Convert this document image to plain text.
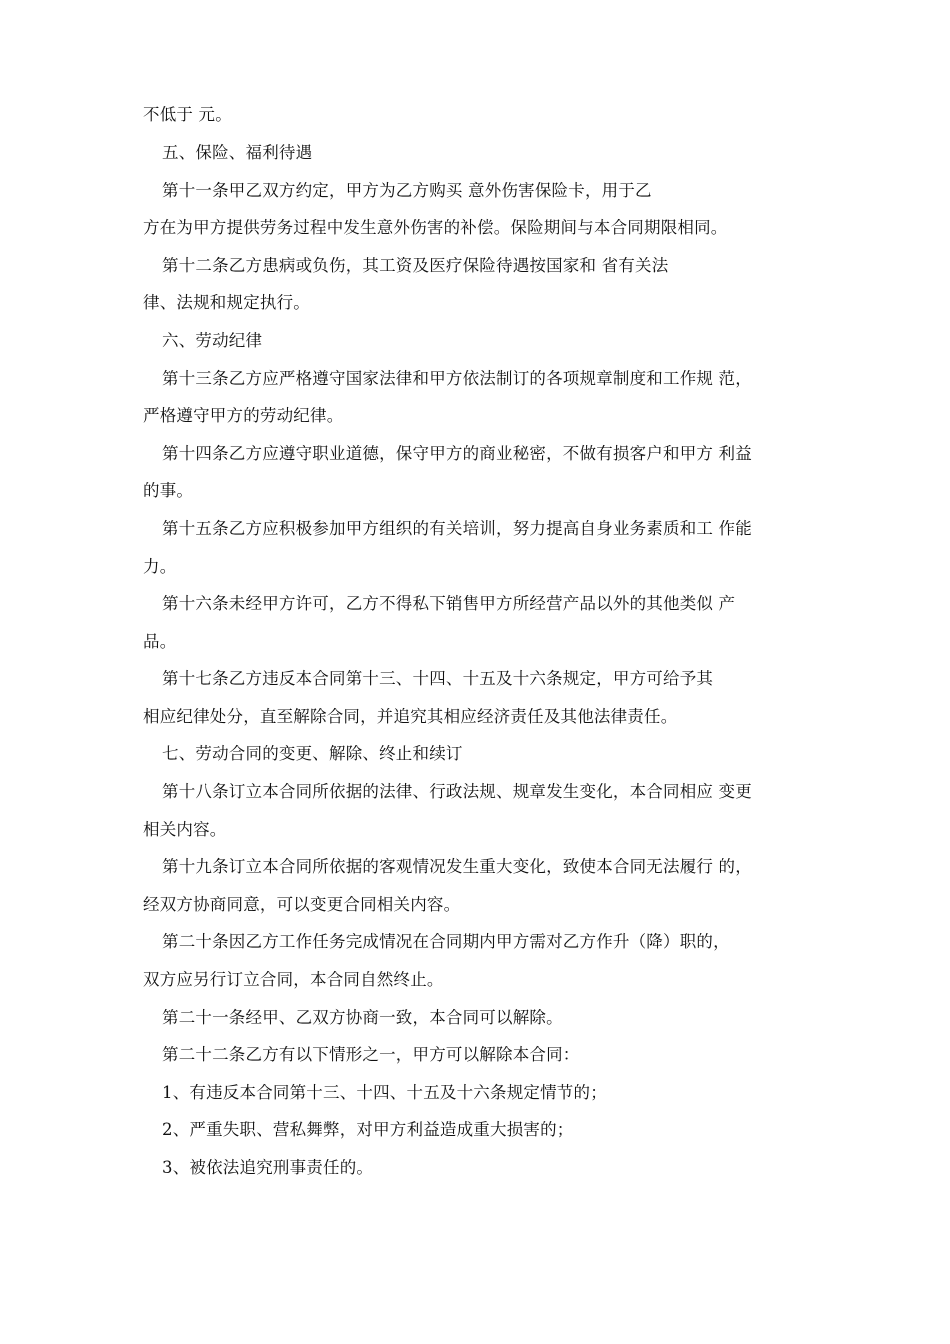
不低于 元。
五、保险、福利待遇
第十一条甲乙双方约定，甲方为乙方购买 意外伤害保险卡，用于乙
方在为甲方提供劳务过程中发生意外伤害的补偿。保险期间与本合同期限相同。
第十二条乙方患病或负伤，其工资及医疗保险待遇按国家和 省有关法
律、法规和规定执行。
六、劳动纪律
第十三条乙方应严格遵守国家法律和甲方依法制订的各项规章制度和工作规 范，
严格遵守甲方的劳动纪律。
第十四条乙方应遵守职业道德，保守甲方的商业秘密，不做有损客户和甲方 利益
的事。
第十五条乙方应积极参加甲方组织的有关培训，努力提高自身业务素质和工 作能
力。
第十六条未经甲方许可，乙方不得私下销售甲方所经营产品以外的其他类似 产
品。
第十七条乙方违反本合同第十三、十四、十五及十六条规定，甲方可给予其
相应纪律处分，直至解除合同，并追究其相应经济责任及其他法律责任。
七、劳动合同的变更、解除、终止和续订
第十八条订立本合同所依据的法律、行政法规、规章发生变化，本合同相应 变更
相关内容。
第十九条订立本合同所依据的客观情况发生重大变化，致使本合同无法履行 的，
经双方协商同意，可以变更合同相关内容。
第二十条因乙方工作任务完成情况在合同期内甲方需对乙方作升（降）职的，
双方应另行订立合同，本合同自然终止。
第二十一条经甲、乙双方协商一致，本合同可以解除。
第二十二条乙方有以下情形之一，甲方可以解除本合同：
1、有违反本合同第十三、十四、十五及十六条规定情节的；
2、严重失职、营私舞弊，对甲方利益造成重大损害的；
3、被依法追究刑事责任的。
